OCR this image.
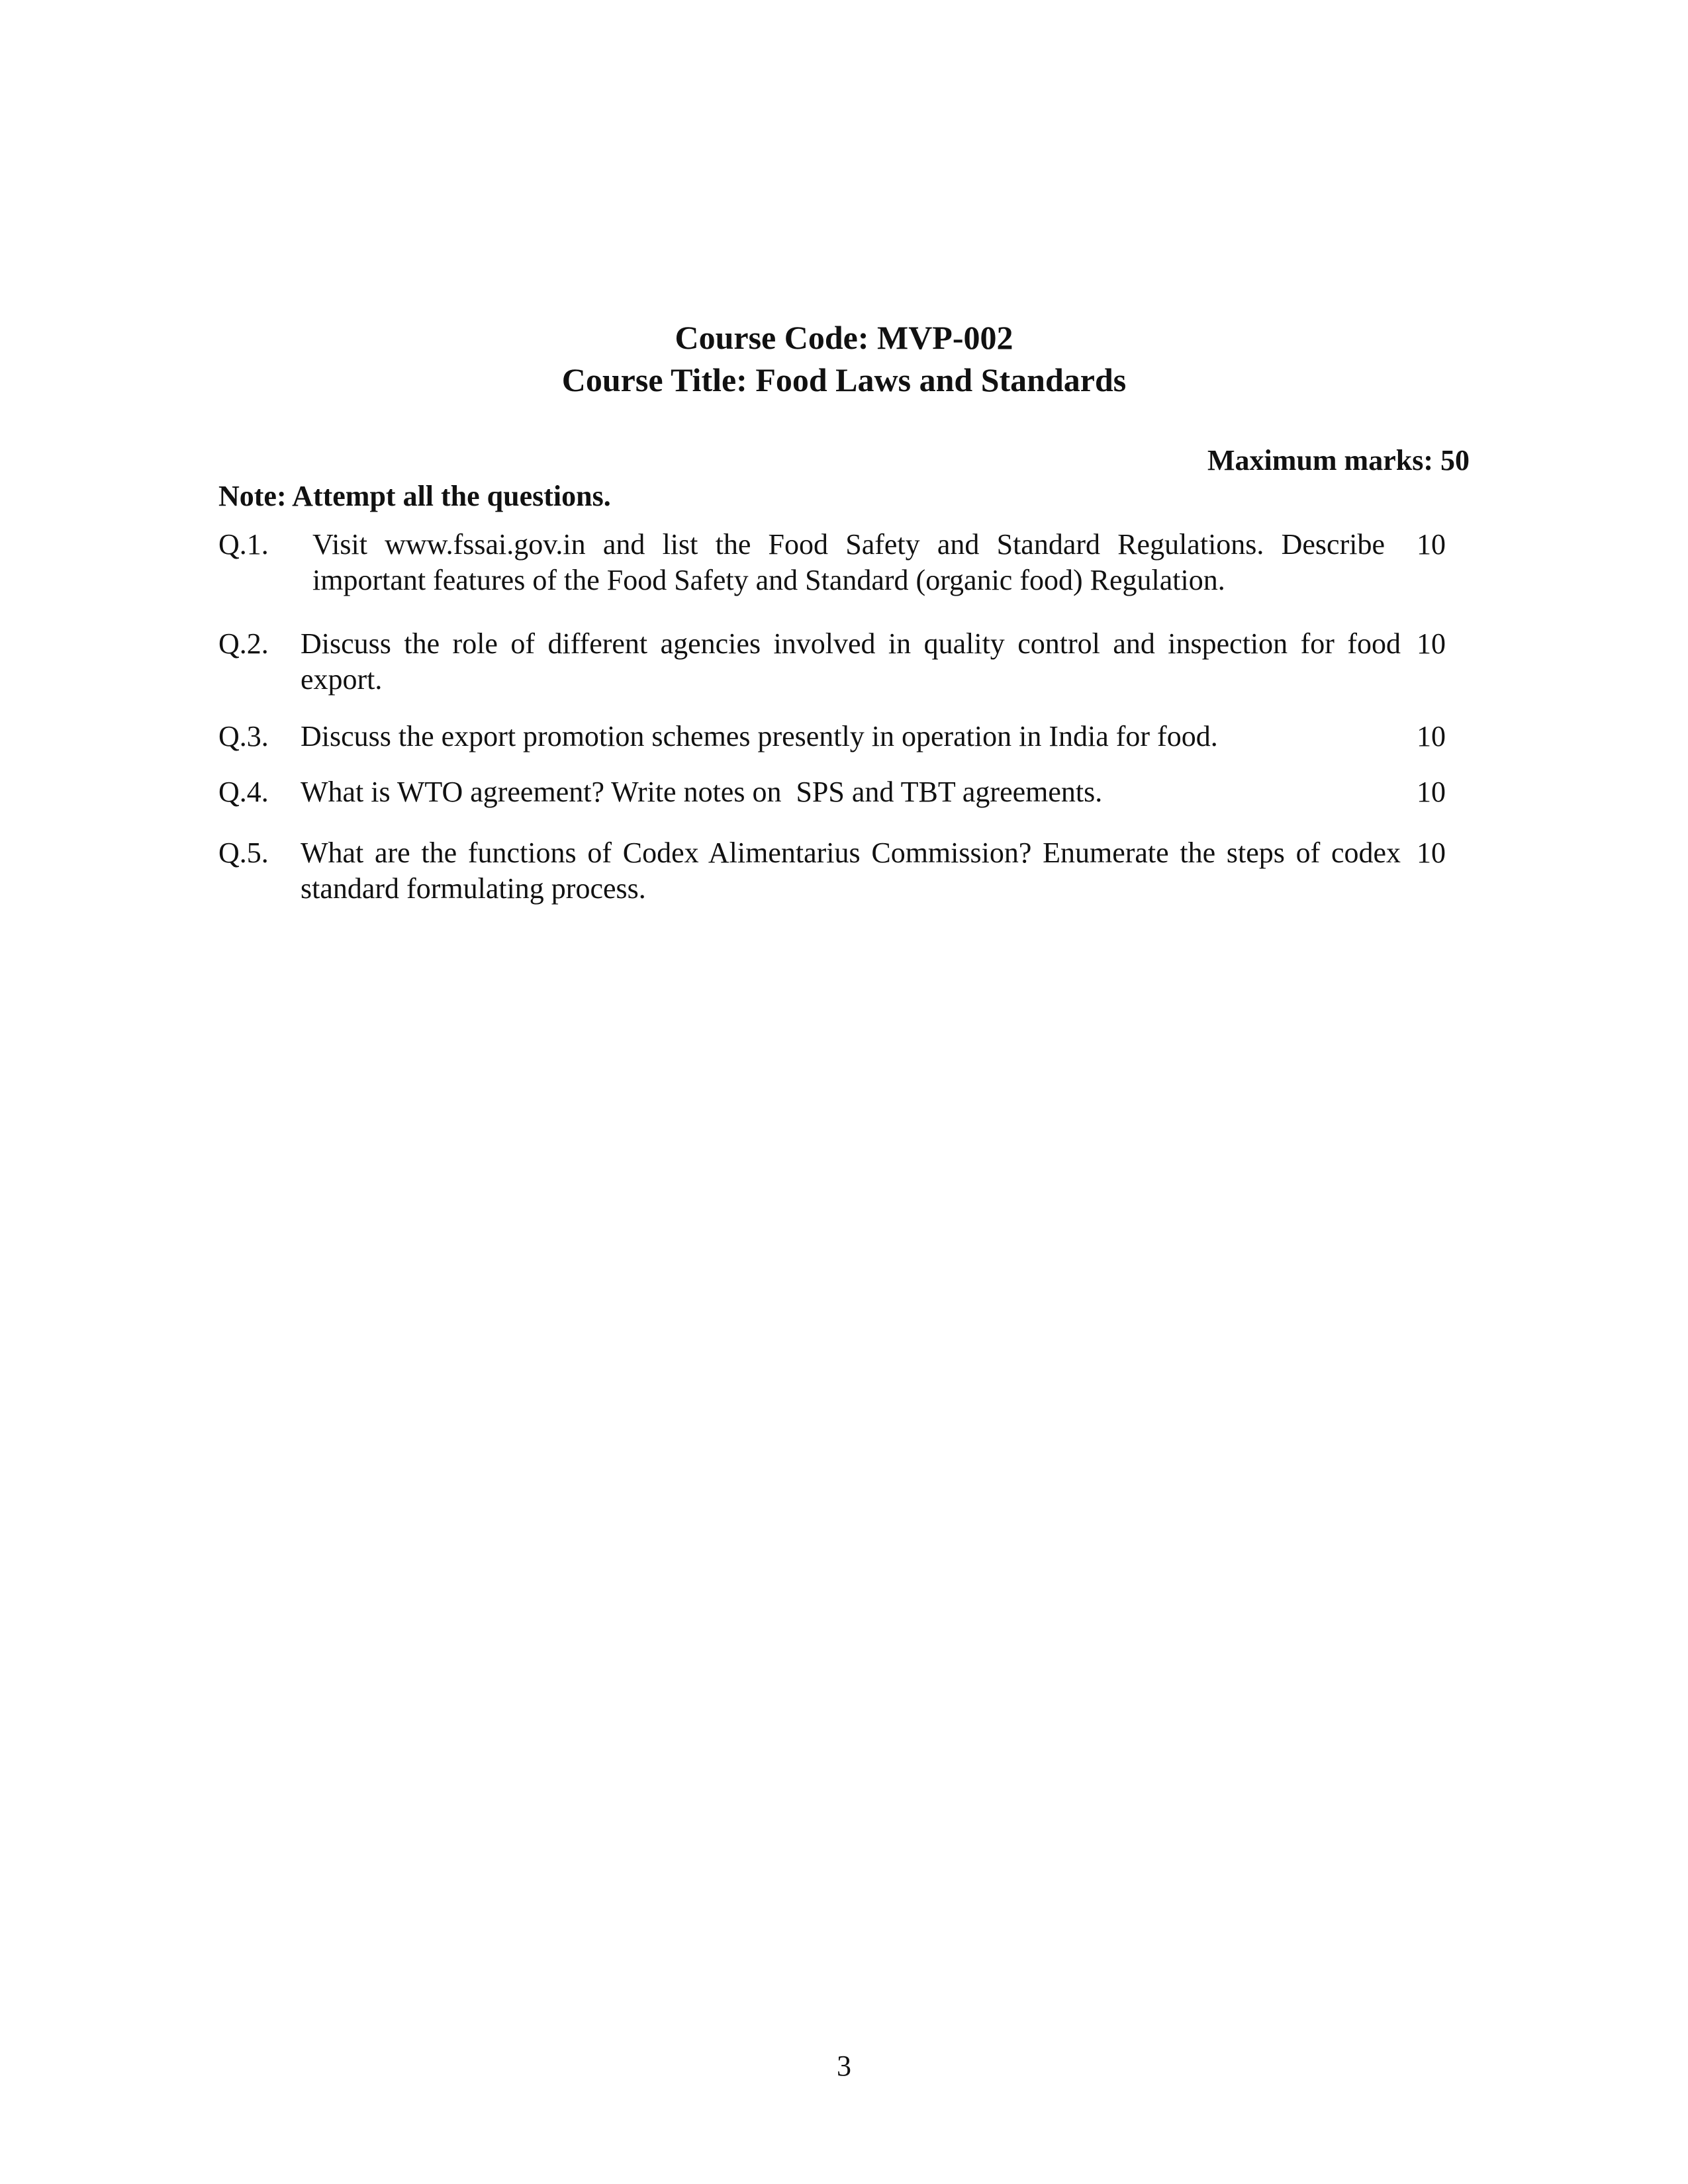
Course Code: MVP-002
Course Title: Food Laws and Standards
Maximum marks: 50
Note: Attempt all the questions.
Q.1. Visit www.fssai.gov.in and list the Food Safety and Standard Regulations. Describe important features of the Food Safety and Standard (organic food) Regulation.
10
Q.2. Discuss the role of different agencies involved in quality control and inspection for food export.
10
Q.3. Discuss the export promotion schemes presently in operation in India for food.	10
Q.4. What is WTO agreement? Write notes on  SPS and TBT agreements.	10
Q.5. What are the functions of Codex Alimentarius Commission? Enumerate the steps of codex standard formulating process.
10
3
